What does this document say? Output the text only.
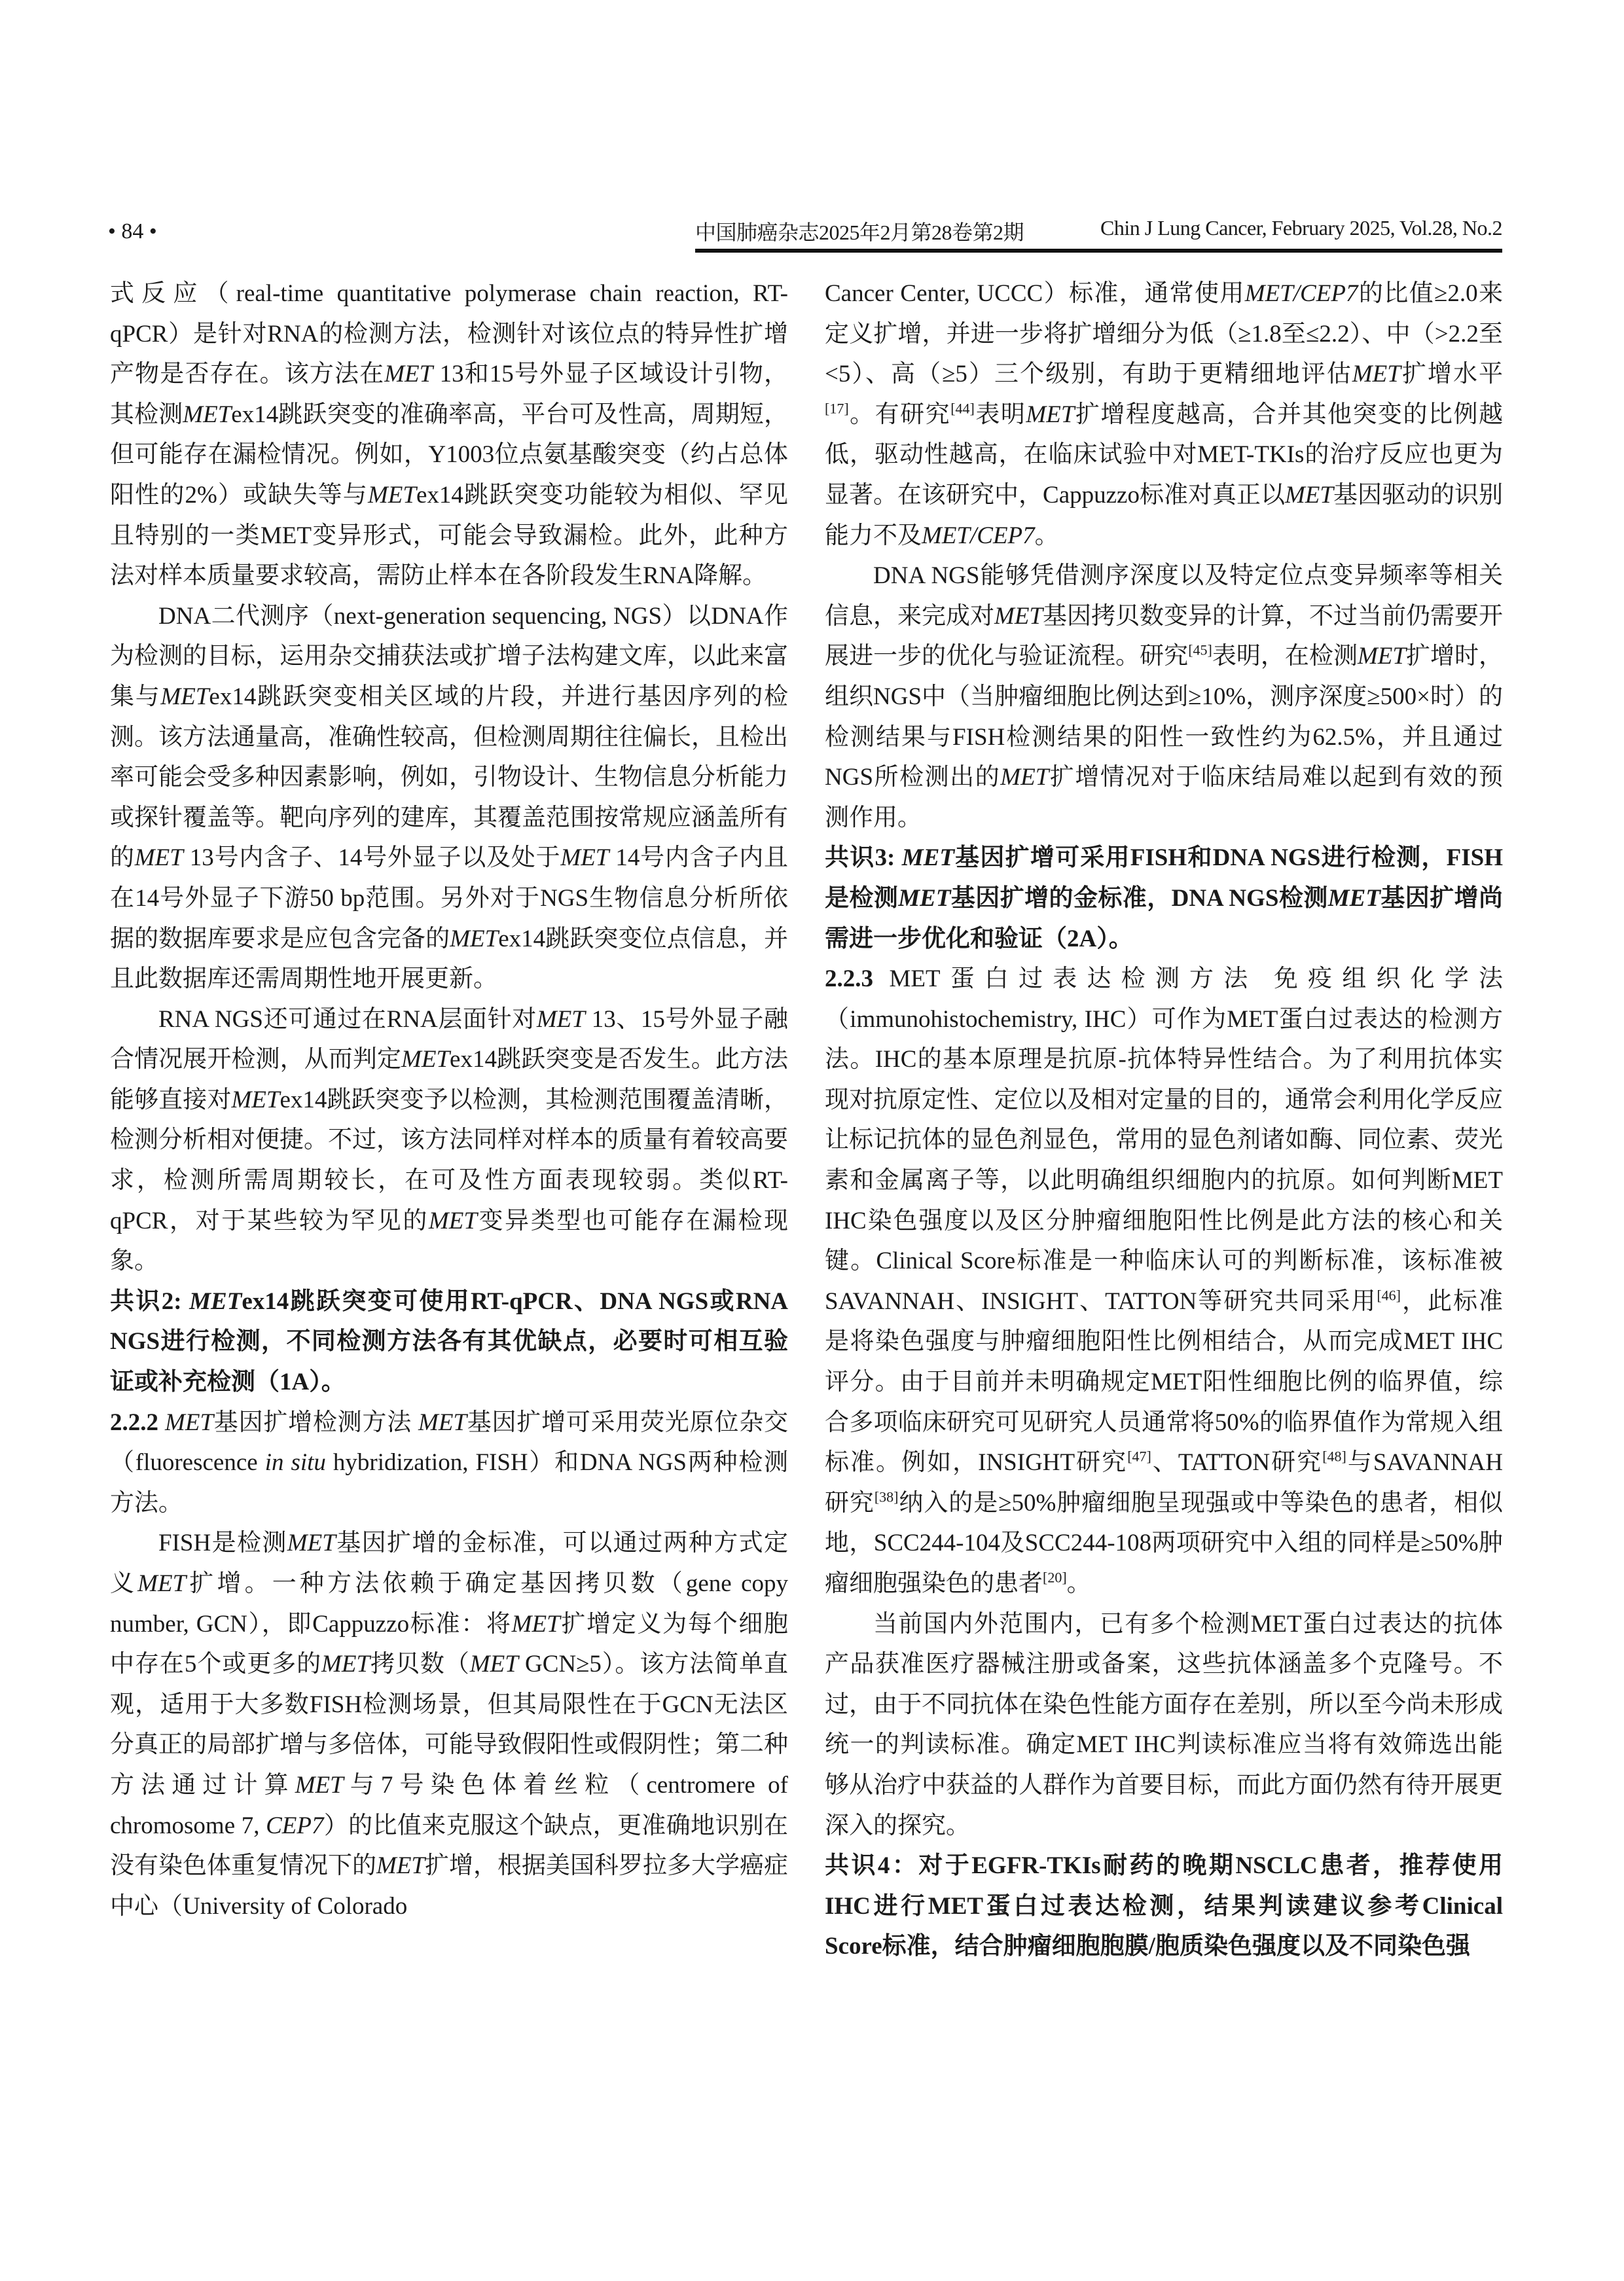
• 84 •	中国肺癌杂志2025年2月第28卷第2期	Chin J Lung Cancer, February 2025, Vol.28, No.2

式反应（real-time quantitative polymerase chain reaction, RT-qPCR）是针对RNA的检测方法，检测针对该位点的特异性扩增产物是否存在。该方法在MET 13和15号外显子区域设计引物，其检测METex14跳跃突变的准确率高，平台可及性高，周期短，但可能存在漏检情况。例如，Y1003位点氨基酸突变（约占总体阳性的2%）或缺失等与METex14跳跃突变功能较为相似、罕见且特别的一类MET变异形式，可能会导致漏检。此外，此种方法对样本质量要求较高，需防止样本在各阶段发生RNA降解。

DNA二代测序（next-generation sequencing, NGS）以DNA作为检测的目标，运用杂交捕获法或扩增子法构建文库，以此来富集与METex14跳跃突变相关区域的片段，并进行基因序列的检测。该方法通量高，准确性较高，但检测周期往往偏长，且检出率可能会受多种因素影响，例如，引物设计、生物信息分析能力或探针覆盖等。靶向序列的建库，其覆盖范围按常规应涵盖所有的MET 13号内含子、14号外显子以及处于MET 14号内含子内且在14号外显子下游50 bp范围。另外对于NGS生物信息分析所依据的数据库要求是应包含完备的METex14跳跃突变位点信息，并且此数据库还需周期性地开展更新。

RNA NGS还可通过在RNA层面针对MET 13、15号外显子融合情况展开检测，从而判定METex14跳跃突变是否发生。此方法能够直接对METex14跳跃突变予以检测，其检测范围覆盖清晰，检测分析相对便捷。不过，该方法同样对样本的质量有着较高要求，检测所需周期较长，在可及性方面表现较弱。类似RT-qPCR，对于某些较为罕见的MET变异类型也可能存在漏检现象。

共识2: METex14跳跃突变可使用RT-qPCR、DNA NGS或RNA NGS进行检测，不同检测方法各有其优缺点，必要时可相互验证或补充检测（1A）。

2.2.2 MET基因扩增检测方法 MET基因扩增可采用荧光原位杂交（fluorescence in situ hybridization, FISH）和DNA NGS两种检测方法。

FISH是检测MET基因扩增的金标准，可以通过两种方式定义MET扩增。一种方法依赖于确定基因拷贝数（gene copy number, GCN），即Cappuzzo标准：将MET扩增定义为每个细胞中存在5个或更多的MET拷贝数（MET GCN≥5）。该方法简单直观，适用于大多数FISH检测场景，但其局限性在于GCN无法区分真正的局部扩增与多倍体，可能导致假阳性或假阴性；第二种方法通过计算MET与7号染色体着丝粒（centromere of chromosome 7, CEP7）的比值来克服这个缺点，更准确地识别在没有染色体重复情况下的MET扩增，根据美国科罗拉多大学癌症中心（University of Colorado

Cancer Center, UCCC）标准，通常使用MET/CEP7的比值≥2.0来定义扩增，并进一步将扩增细分为低（≥1.8至≤2.2）、中（>2.2至<5）、高（≥5）三个级别，有助于更精细地评估MET扩增水平[17]。有研究[44]表明MET扩增程度越高，合并其他突变的比例越低，驱动性越高，在临床试验中对MET-TKIs的治疗反应也更为显著。在该研究中，Cappuzzo标准对真正以MET基因驱动的识别能力不及MET/CEP7。

DNA NGS能够凭借测序深度以及特定位点变异频率等相关信息，来完成对MET基因拷贝数变异的计算，不过当前仍需要开展进一步的优化与验证流程。研究[45]表明，在检测MET扩增时，组织NGS中（当肿瘤细胞比例达到≥10%，测序深度≥500×时）的检测结果与FISH检测结果的阳性一致性约为62.5%，并且通过NGS所检测出的MET扩增情况对于临床结局难以起到有效的预测作用。

共识3: MET基因扩增可采用FISH和DNA NGS进行检测，FISH是检测MET基因扩增的金标准，DNA NGS检测MET基因扩增尚需进一步优化和验证（2A）。

2.2.3 MET蛋白过表达检测方法 免疫组织化学法（immunohistochemistry, IHC）可作为MET蛋白过表达的检测方法。IHC的基本原理是抗原-抗体特异性结合。为了利用抗体实现对抗原定性、定位以及相对定量的目的，通常会利用化学反应让标记抗体的显色剂显色，常用的显色剂诸如酶、同位素、荧光素和金属离子等，以此明确组织细胞内的抗原。如何判断MET IHC染色强度以及区分肿瘤细胞阳性比例是此方法的核心和关键。Clinical Score标准是一种临床认可的判断标准，该标准被SAVANNAH、INSIGHT、TATTON等研究共同采用[46]，此标准是将染色强度与肿瘤细胞阳性比例相结合，从而完成MET IHC评分。由于目前并未明确规定MET阳性细胞比例的临界值，综合多项临床研究可见研究人员通常将50%的临界值作为常规入组标准。例如，INSIGHT研究[47]、TATTON研究[48]与SAVANNAH研究[38]纳入的是≥50%肿瘤细胞呈现强或中等染色的患者，相似地，SCC244-104及SCC244-108两项研究中入组的同样是≥50%肿瘤细胞强染色的患者[20]。

当前国内外范围内，已有多个检测MET蛋白过表达的抗体产品获准医疗器械注册或备案，这些抗体涵盖多个克隆号。不过，由于不同抗体在染色性能方面存在差别，所以至今尚未形成统一的判读标准。确定MET IHC判读标准应当将有效筛选出能够从治疗中获益的人群作为首要目标，而此方面仍然有待开展更深入的探究。

共识4：对于EGFR-TKIs耐药的晚期NSCLC患者，推荐使用IHC进行MET蛋白过表达检测，结果判读建议参考Clinical Score标准，结合肿瘤细胞胞膜/胞质染色强度以及不同染色强
